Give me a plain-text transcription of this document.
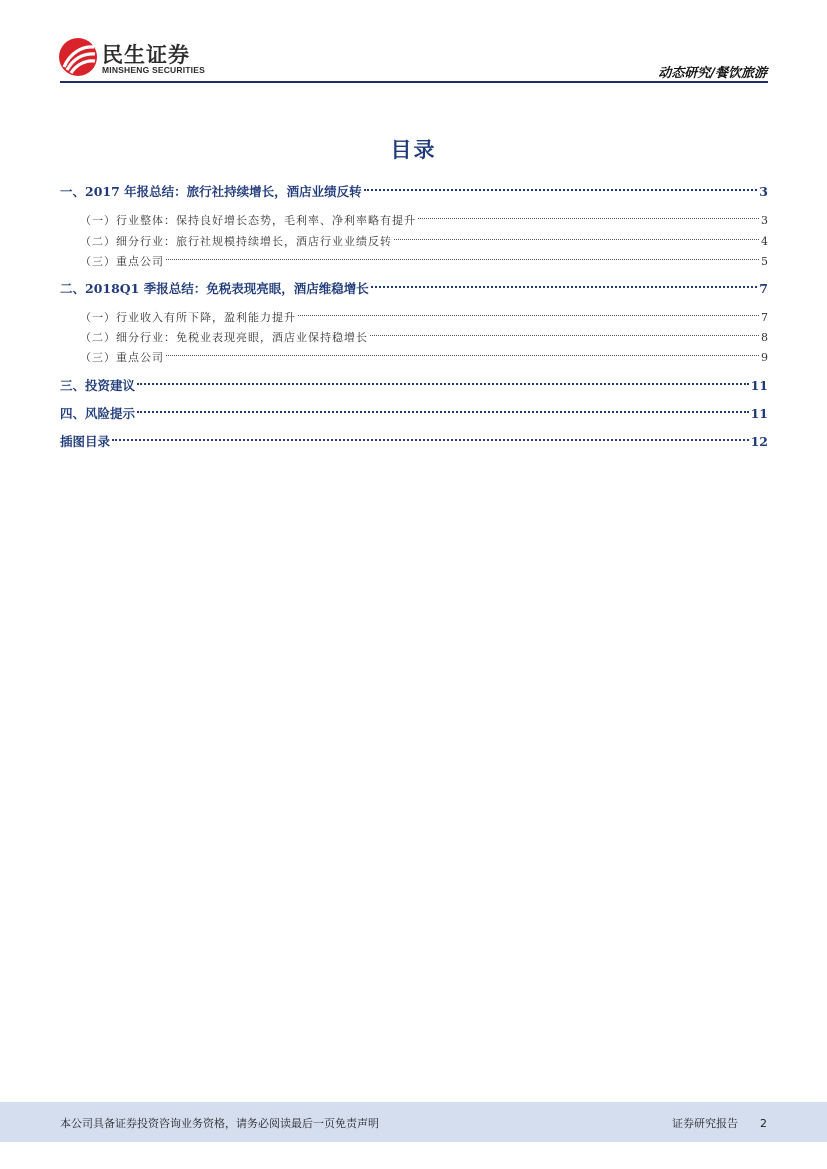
民生证券
MINSHENG SECURITIES	动态研究/餐饮旅游
目录
一、2017 年报总结：旅行社持续增长，酒店业绩反转	3
（一）行业整体：保持良好增长态势，毛利率、净利率略有提升	3
（二）细分行业：旅行社规模持续增长，酒店行业业绩反转	4
（三）重点公司	5
二、2018Q1 季报总结：免税表现亮眼，酒店维稳增长	7
（一）行业收入有所下降，盈利能力提升	7
（二）细分行业：免税业表现亮眼，酒店业保持稳增长	8
（三）重点公司	9
三、投资建议	11
四、风险提示	11
插图目录	12
本公司具备证券投资咨询业务资格，请务必阅读最后一页免责声明	证券研究报告 2
